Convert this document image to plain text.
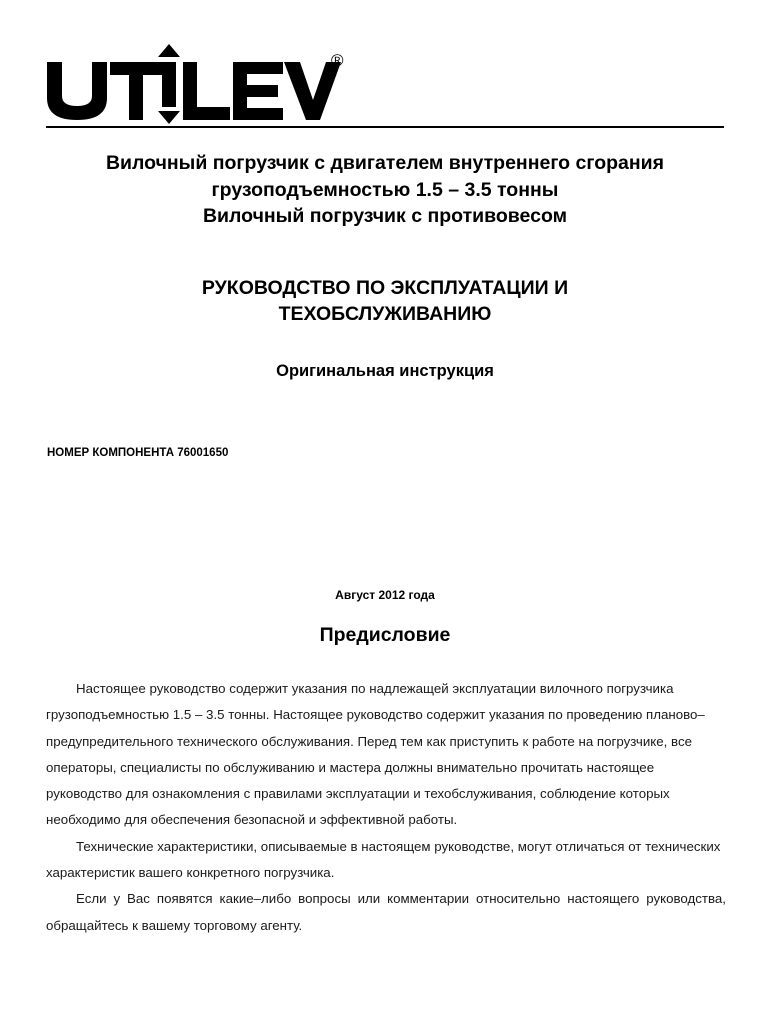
®
Вилочный погрузчик с двигателем внутреннего сгорания
грузоподъемностью 1.5 – 3.5 тонны
Вилочный погрузчик с противовесом
РУКОВОДСТВО ПО ЭКСПЛУАТАЦИИ И
ТЕХОБСЛУЖИВАНИЮ
Оригинальная инструкция
НОМЕР КОМПОНЕНТА 76001650
Август 2012 года
Предисловие

Настоящее руководство содержит указания по надлежащей эксплуатации вилочного погрузчика грузоподъемностью 1.5 – 3.5 тонны. Настоящее руководство содержит указания по проведению планово–предупредительного технического обслуживания. Перед тем как приступить к работе на погрузчике, все операторы, специалисты по обслуживанию и мастера должны внимательно прочитать настоящее руководство для ознакомления с правилами эксплуатации и техобслуживания, соблюдение которых необходимо для обеспечения безопасной и эффективной работы.

Технические характеристики, описываемые в настоящем руководстве, могут отличаться от технических характеристик вашего конкретного погрузчика.

Если у Вас появятся какие–либо вопросы или комментарии относительно настоящего руководства, обращайтесь к вашему торговому агенту.
